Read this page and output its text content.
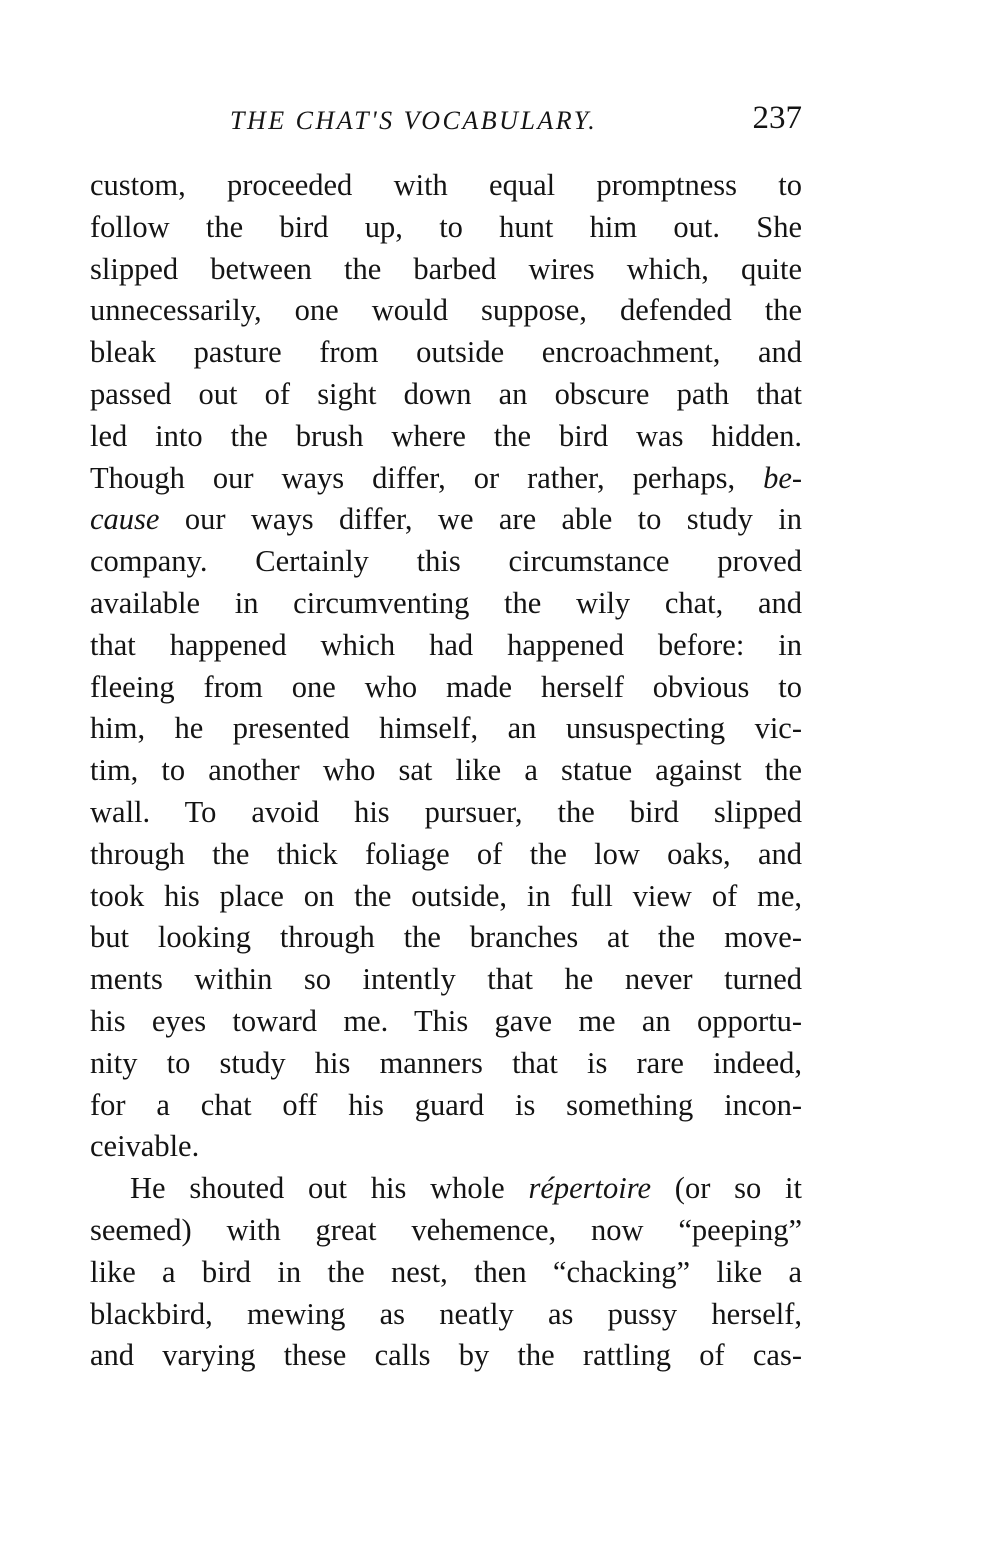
THE CHAT'S VOCABULARY.	237
custom, proceeded with equal promptness to
follow the bird up, to hunt him out. She
slipped between the barbed wires which, quite
unnecessarily, one would suppose, defended the
bleak pasture from outside encroachment, and
passed out of sight down an obscure path that
led into the brush where the bird was hidden.
Though our ways differ, or rather, perhaps, be-
cause our ways differ, we are able to study in
company. Certainly this circumstance proved
available in circumventing the wily chat, and
that happened which had happened before: in
fleeing from one who made herself obvious to
him, he presented himself, an unsuspecting vic-
tim, to another who sat like a statue against the
wall. To avoid his pursuer, the bird slipped
through the thick foliage of the low oaks, and
took his place on the outside, in full view of me,
but looking through the branches at the move-
ments within so intently that he never turned
his eyes toward me. This gave me an opportu-
nity to study his manners that is rare indeed,
for a chat off his guard is something incon-
ceivable.
He shouted out his whole répertoire (or so it
seemed) with great vehemence, now “peeping”
like a bird in the nest, then “chacking” like a
blackbird, mewing as neatly as pussy herself,
and varying these calls by the rattling of cas-
